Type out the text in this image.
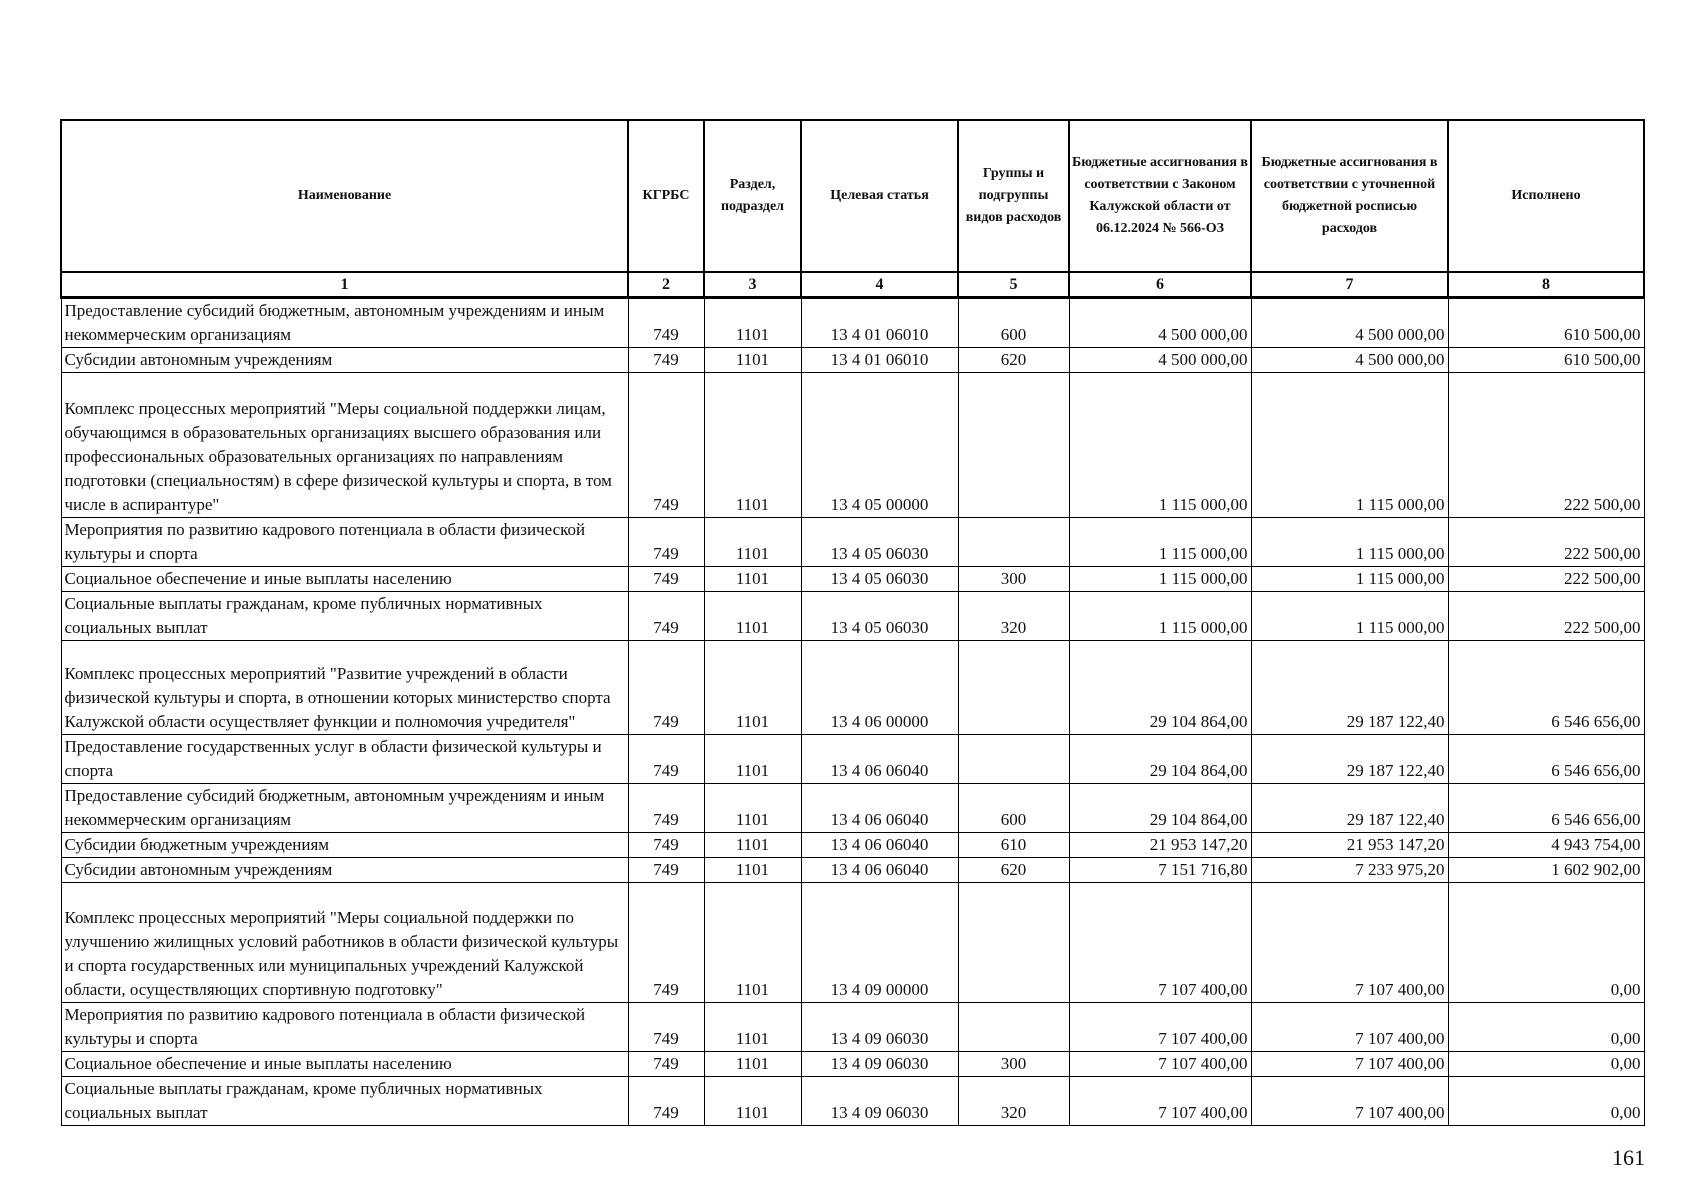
Наименование	КГРБС	Раздел, подраздел	Целевая статья	Группы и подгруппы видов расходов	Бюджетные ассигнования в соответствии с Законом Калужской области от 06.12.2024 № 566-ОЗ	Бюджетные ассигнования в соответствии с уточненной бюджетной росписью расходов	Исполнено
1	2	3	4	5	6	7	8
Предоставление субсидий бюджетным, автономным учреждениям и иным некоммерческим организациям	749	1101	13 4 01 06010	600	4 500 000,00	4 500 000,00	610 500,00
Субсидии автономным учреждениям	749	1101	13 4 01 06010	620	4 500 000,00	4 500 000,00	610 500,00
Комплекс процессных мероприятий "Меры социальной поддержки лицам, обучающимся в образовательных организациях высшего образования или профессиональных образовательных организациях по направлениям подготовки (специальностям) в сфере физической культуры и спорта, в том числе в аспирантуре"	749	1101	13 4 05 00000		1 115 000,00	1 115 000,00	222 500,00
Мероприятия по развитию кадрового потенциала в области физической культуры и спорта	749	1101	13 4 05 06030		1 115 000,00	1 115 000,00	222 500,00
Социальное обеспечение и иные выплаты населению	749	1101	13 4 05 06030	300	1 115 000,00	1 115 000,00	222 500,00
Социальные выплаты гражданам, кроме публичных нормативных социальных выплат	749	1101	13 4 05 06030	320	1 115 000,00	1 115 000,00	222 500,00
Комплекс процессных мероприятий "Развитие учреждений в области физической культуры и спорта, в отношении которых министерство спорта Калужской области осуществляет функции и полномочия учредителя"	749	1101	13 4 06 00000		29 104 864,00	29 187 122,40	6 546 656,00
Предоставление государственных услуг в области физической культуры и спорта	749	1101	13 4 06 06040		29 104 864,00	29 187 122,40	6 546 656,00
Предоставление субсидий бюджетным, автономным учреждениям и иным некоммерческим организациям	749	1101	13 4 06 06040	600	29 104 864,00	29 187 122,40	6 546 656,00
Субсидии бюджетным учреждениям	749	1101	13 4 06 06040	610	21 953 147,20	21 953 147,20	4 943 754,00
Субсидии автономным учреждениям	749	1101	13 4 06 06040	620	7 151 716,80	7 233 975,20	1 602 902,00
Комплекс процессных мероприятий "Меры социальной поддержки по улучшению жилищных условий работников в области физической культуры и спорта государственных или муниципальных учреждений Калужской области, осуществляющих спортивную подготовку"	749	1101	13 4 09 00000		7 107 400,00	7 107 400,00	0,00
Мероприятия по развитию кадрового потенциала в области физической культуры и спорта	749	1101	13 4 09 06030		7 107 400,00	7 107 400,00	0,00
Социальное обеспечение и иные выплаты населению	749	1101	13 4 09 06030	300	7 107 400,00	7 107 400,00	0,00
Социальные выплаты гражданам, кроме публичных нормативных социальных выплат	749	1101	13 4 09 06030	320	7 107 400,00	7 107 400,00	0,00
161
